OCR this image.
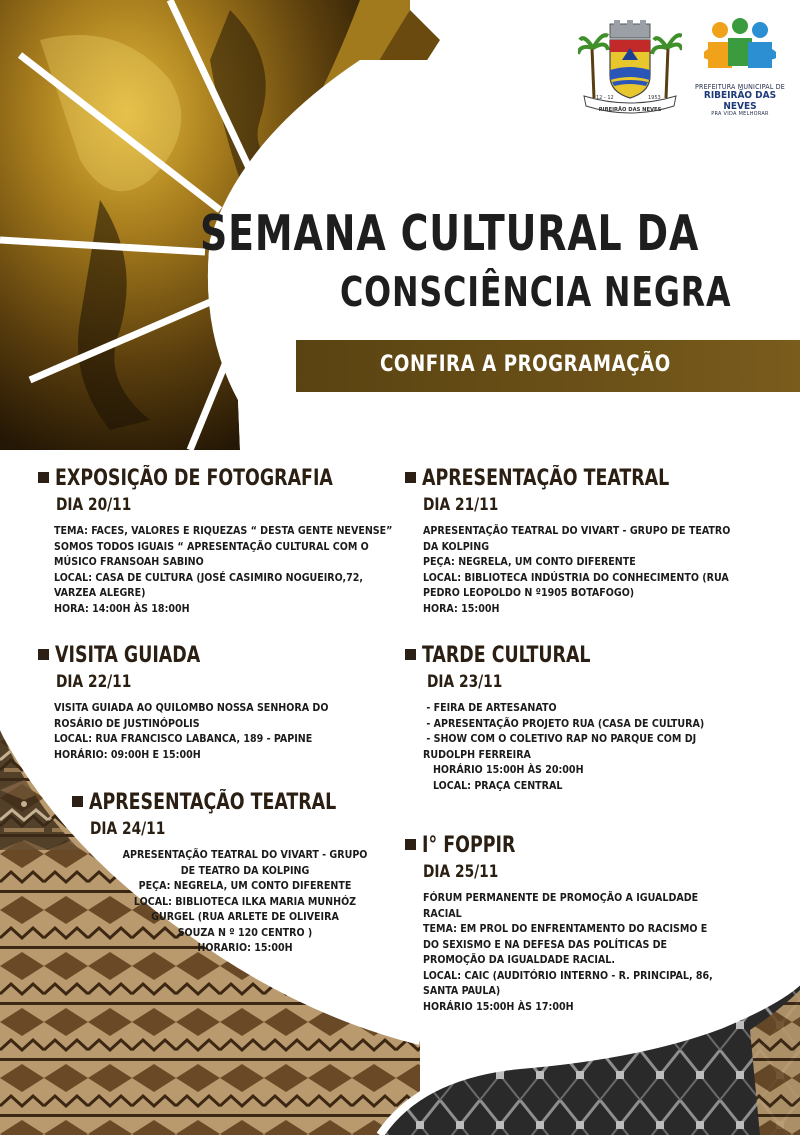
12 - 12	1953
RIBEIRÃO DAS NEVES
PREFEITURA MUNICIPAL DE
RIBEIRÃO DAS NEVES
PRA VIDA MELHORAR
SEMANA CULTURAL DA
CONSCIÊNCIA NEGRA
CONFIRA A PROGRAMAÇÃO
EXPOSIÇÃO DE FOTOGRAFIA
DIA 20/11
TEMA: FACES, VALORES E RIQUEZAS “ DESTA GENTE NEVENSE”
SOMOS TODOS IGUAIS “ APRESENTAÇÃO CULTURAL COM O
MÚSICO FRANSOAH SABINO
LOCAL: CASA DE CULTURA (JOSÉ CASIMIRO NOGUEIRO,72,
VARZEA ALEGRE)
HORA: 14:00H ÀS 18:00H
APRESENTAÇÃO TEATRAL
DIA 21/11
APRESENTAÇÃO TEATRAL DO VIVART - GRUPO DE TEATRO
DA KOLPING
PEÇA: NEGRELA, UM CONTO DIFERENTE
LOCAL: BIBLIOTECA INDÚSTRIA DO CONHECIMENTO (RUA
PEDRO LEOPOLDO N º1905 BOTAFOGO)
HORA: 15:00H
VISITA GUIADA
DIA 22/11
VISITA GUIADA AO QUILOMBO NOSSA SENHORA DO
ROSÁRIO DE JUSTINÓPOLIS
LOCAL: RUA FRANCISCO LABANCA, 189 - PAPINE
HORÁRIO: 09:00H E 15:00H
TARDE CULTURAL
DIA 23/11
- FEIRA DE ARTESANATO
- APRESENTAÇÃO PROJETO RUA (CASA DE CULTURA)
- SHOW COM O COLETIVO RAP NO PARQUE COM DJ
RUDOLPH FERREIRA
HORÁRIO 15:00H ÀS 20:00H
LOCAL: PRAÇA CENTRAL
APRESENTAÇÃO TEATRAL
DIA 24/11
APRESENTAÇÃO TEATRAL DO VIVART - GRUPO
DE TEATRO DA KOLPING
PEÇA: NEGRELA, UM CONTO DIFERENTE
LOCAL: BIBLIOTECA ILKA MARIA MUNHÓZ
GURGEL (RUA ARLETE DE OLIVEIRA
SOUZA N º 120 CENTRO )
HORARIO: 15:00H
I° FOPPIR
DIA 25/11
FÓRUM PERMANENTE DE PROMOÇÃO A IGUALDADE
RACIAL
TEMA: EM PROL DO ENFRENTAMENTO DO RACISMO E
DO SEXISMO E NA DEFESA DAS POLÍTICAS DE
PROMOÇÃO DA IGUALDADE RACIAL.
LOCAL: CAIC (AUDITÓRIO INTERNO - R. PRINCIPAL, 86,
SANTA PAULA)
HORÁRIO 15:00H ÀS 17:00H
